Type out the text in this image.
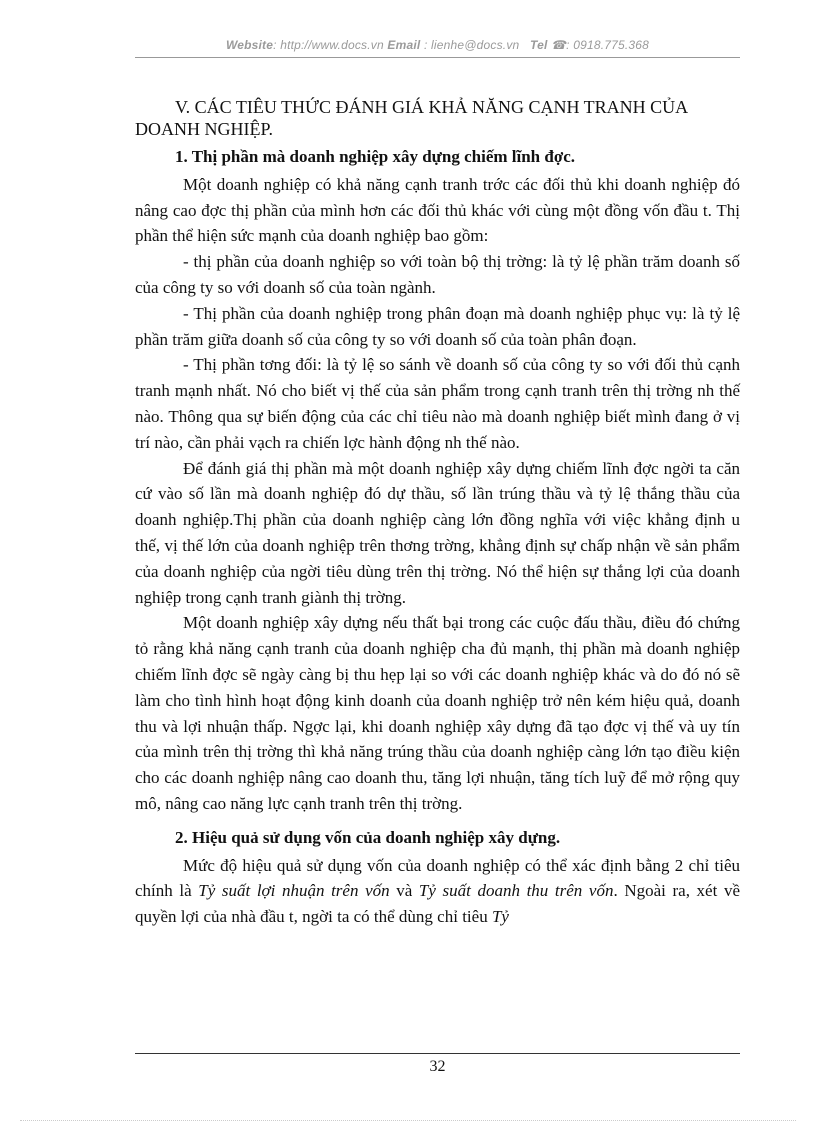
Website: http://www.docs.vn Email : lienhe@docs.vn Tel ☎: 0918.775.368
V. CÁC TIÊU THỨC ĐÁNH GIÁ KHẢ NĂNG CẠNH TRANH CỦA DOANH NGHIỆP.
1. Thị phần mà doanh nghiệp xây dựng chiếm lĩnh đợc.

Một doanh nghiệp có khả năng cạnh tranh trớc các đối thủ khi doanh nghiệp đó nâng cao đợc thị phần của mình hơn các đối thủ khác với cùng một đồng vốn đầu t. Thị phần thể hiện sức mạnh của doanh nghiệp bao gồm:

- thị phần của doanh nghiệp so với toàn bộ thị trờng: là tỷ lệ phần trăm doanh số của công ty so với doanh số của toàn ngành.

- Thị phần của doanh nghiệp trong phân đoạn mà doanh nghiệp phục vụ: là tỷ lệ phần trăm giữa doanh số của công ty so với doanh số của toàn phân đoạn.

- Thị phần tơng đối: là tỷ lệ so sánh về doanh số của công ty so với đối thủ cạnh tranh mạnh nhất. Nó cho biết vị thế của sản phẩm trong cạnh tranh trên thị trờng nh thế nào. Thông qua sự biến động của các chỉ tiêu nào mà doanh nghiệp biết mình đang ở vị trí nào, cần phải vạch ra chiến lợc hành động nh thế nào.

Để đánh giá thị phần mà một doanh nghiệp xây dựng chiếm lĩnh đợc ngời ta căn cứ vào số lần mà doanh nghiệp đó dự thầu, số lần trúng thầu và tỷ lệ thắng thầu của doanh nghiệp.Thị phần của doanh nghiệp càng lớn đồng nghĩa với việc khẳng định u thế, vị thế lớn của doanh nghiệp trên thơng trờng, khẳng định sự chấp nhận về sản phẩm của doanh nghiệp của ngời tiêu dùng trên thị trờng. Nó thể hiện sự thắng lợi của doanh nghiệp trong cạnh tranh giành thị trờng.

Một doanh nghiệp xây dựng nếu thất bại trong các cuộc đấu thầu, điều đó chứng tỏ rằng khả năng cạnh tranh của doanh nghiệp cha đủ mạnh, thị phần mà doanh nghiệp chiếm lĩnh đợc sẽ ngày càng bị thu hẹp lại so với các doanh nghiệp khác và do đó nó sẽ làm cho tình hình hoạt động kinh doanh của doanh nghiệp trở nên kém hiệu quả, doanh thu và lợi nhuận thấp. Ngợc lại, khi doanh nghiệp xây dựng đã tạo đợc vị thế và uy tín của mình trên thị trờng thì khả năng trúng thầu của doanh nghiệp càng lớn tạo điều kiện cho các doanh nghiệp nâng cao doanh thu, tăng lợi nhuận, tăng tích luỹ để mở rộng quy mô, nâng cao năng lực cạnh tranh trên thị trờng.

2. Hiệu quả sử dụng vốn của doanh nghiệp xây dựng.

Mức độ hiệu quả sử dụng vốn của doanh nghiệp có thể xác định bằng 2 chỉ tiêu chính là Tỷ suất lợi nhuận trên vốn và Tỷ suất doanh thu trên vốn. Ngoài ra, xét về quyền lợi của nhà đầu t, ngời ta có thể dùng chỉ tiêu Tỷ

32
